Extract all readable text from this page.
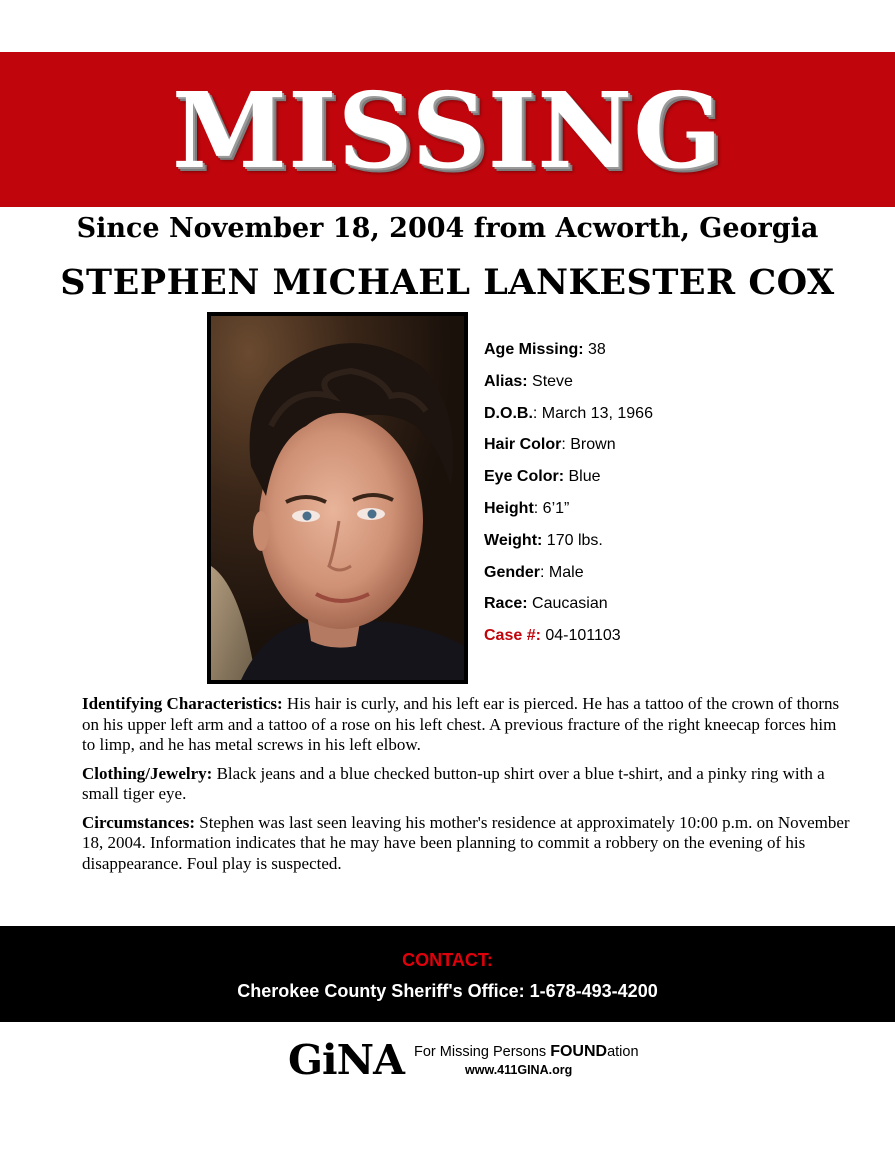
MISSING
Since November 18, 2004 from Acworth, Georgia
STEPHEN MICHAEL LANKESTER COX
Age Missing: 38
Alias: Steve
D.O.B.: March 13, 1966
Hair Color: Brown
Eye Color: Blue
Height: 6’1”
Weight: 170 lbs.
Gender: Male
Race: Caucasian
Case #: 04-101103

Identifying Characteristics: His hair is curly, and his left ear is pierced. He has a tattoo of the crown of thorns on his upper left arm and a tattoo of a rose on his left chest. A previous fracture of the right kneecap forces him to limp, and he has metal screws in his left elbow.

Clothing/Jewelry: Black jeans and a blue checked button-up shirt over a blue t-shirt, and a pinky ring with a small tiger eye.

Circumstances: Stephen was last seen leaving his mother's residence at approximately 10:00 p.m. on November 18, 2004. Information indicates that he may have been planning to commit a robbery on the evening of his disappearance. Foul play is suspected.

CONTACT:
Cherokee County Sheriff's Office: 1-678-493-4200
GiNA For Missing Persons FOUNDation
www.411GINA.org
